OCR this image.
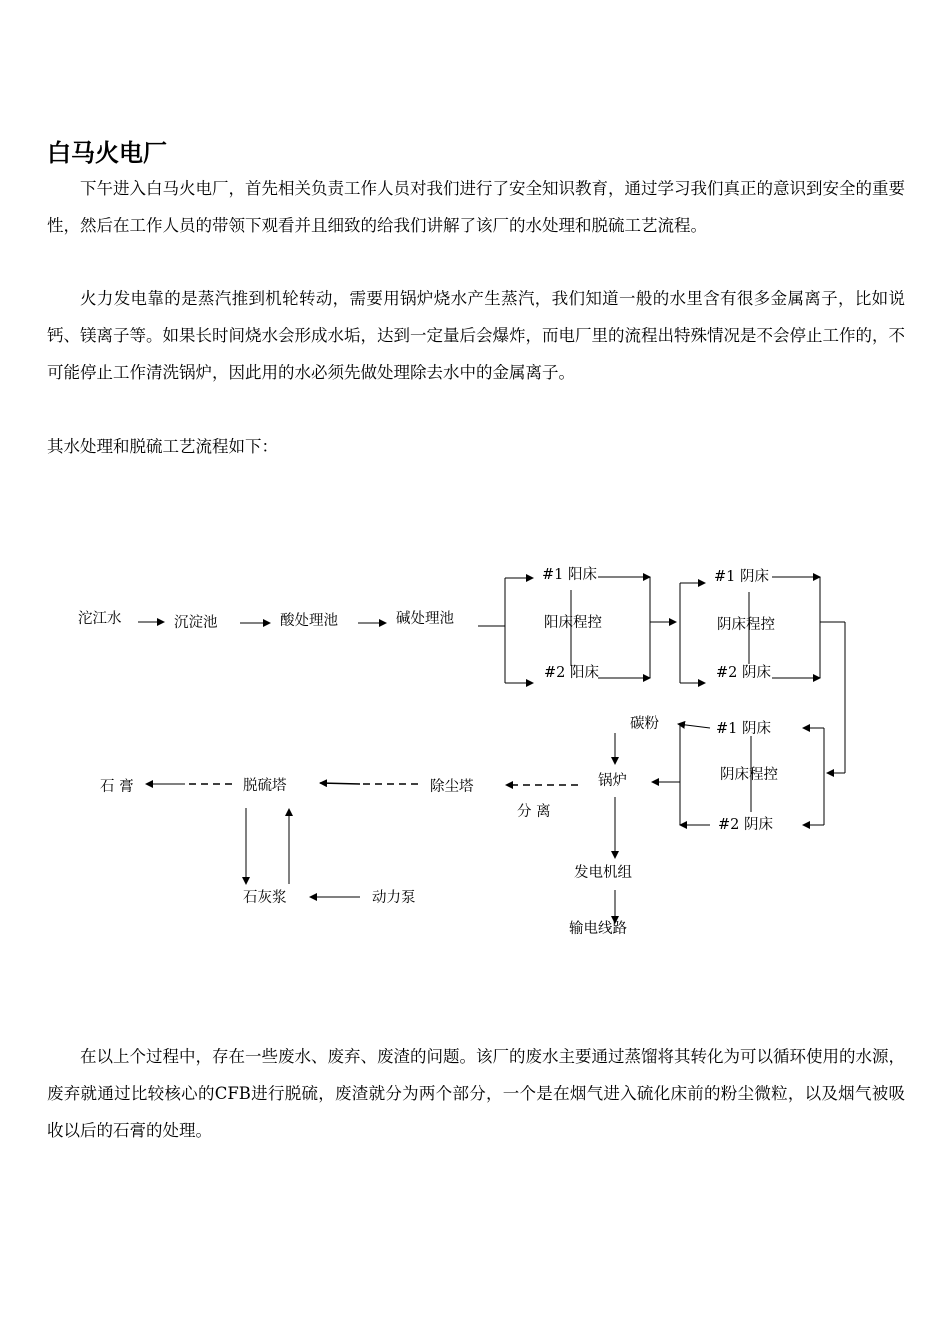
白马火电厂

下午进入白马火电厂，首先相关负责工作人员对我们进行了安全知识教育，通过学习我们真正的意识到安全的重要性，然后在工作人员的带领下观看并且细致的给我们讲解了该厂的水处理和脱硫工艺流程。

火力发电靠的是蒸汽推到机轮转动，需要用锅炉烧水产生蒸汽，我们知道一般的水里含有很多金属离子，比如说钙、镁离子等。如果长时间烧水会形成水垢，达到一定量后会爆炸，而电厂里的流程出特殊情况是不会停止工作的，不可能停止工作清洗锅炉，因此用的水必须先做处理除去水中的金属离子。

其水处理和脱硫工艺流程如下：

沱江水	沉淀池	酸处理池	碱处理池
#1 阳床
阳床程控
#2 阳床
#1 阴床
阴床程控
#2 阴床
#1 阴床
阴床程控
#2 阴床
碳粉
锅炉
发电机组
输电线路
分 离
除尘塔
脱硫塔
石 膏
石灰浆	动力泵

在以上个过程中，存在一些废水、废弃、废渣的问题。该厂的废水主要通过蒸馏将其转化为可以循环使用的水源，废弃就通过比较核心的CFB进行脱硫，废渣就分为两个部分，一个是在烟气进入硫化床前的粉尘微粒，以及烟气被吸收以后的石膏的处理。
